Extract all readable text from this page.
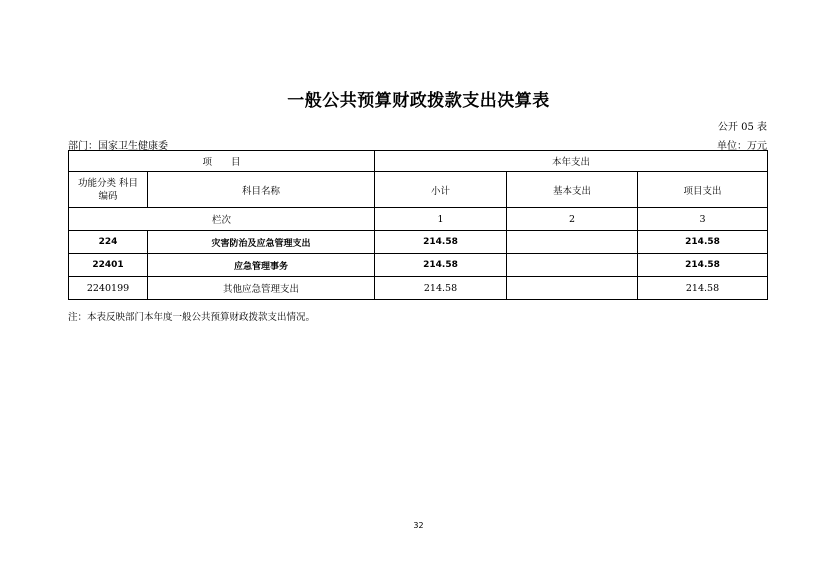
一般公共预算财政拨款支出决算表
公开 05 表
部门：国家卫生健康委	单位：万元
项　　目		本年支出		
功能分类 科目编码	科目名称	小计	基本支出	项目支出
栏次		1	2	3
224	灾害防治及应急管理支出	214.58		214.58
22401	应急管理事务	214.58		214.58
2240199	其他应急管理支出	214.58		214.58
注：本表反映部门本年度一般公共预算财政拨款支出情况。
32
